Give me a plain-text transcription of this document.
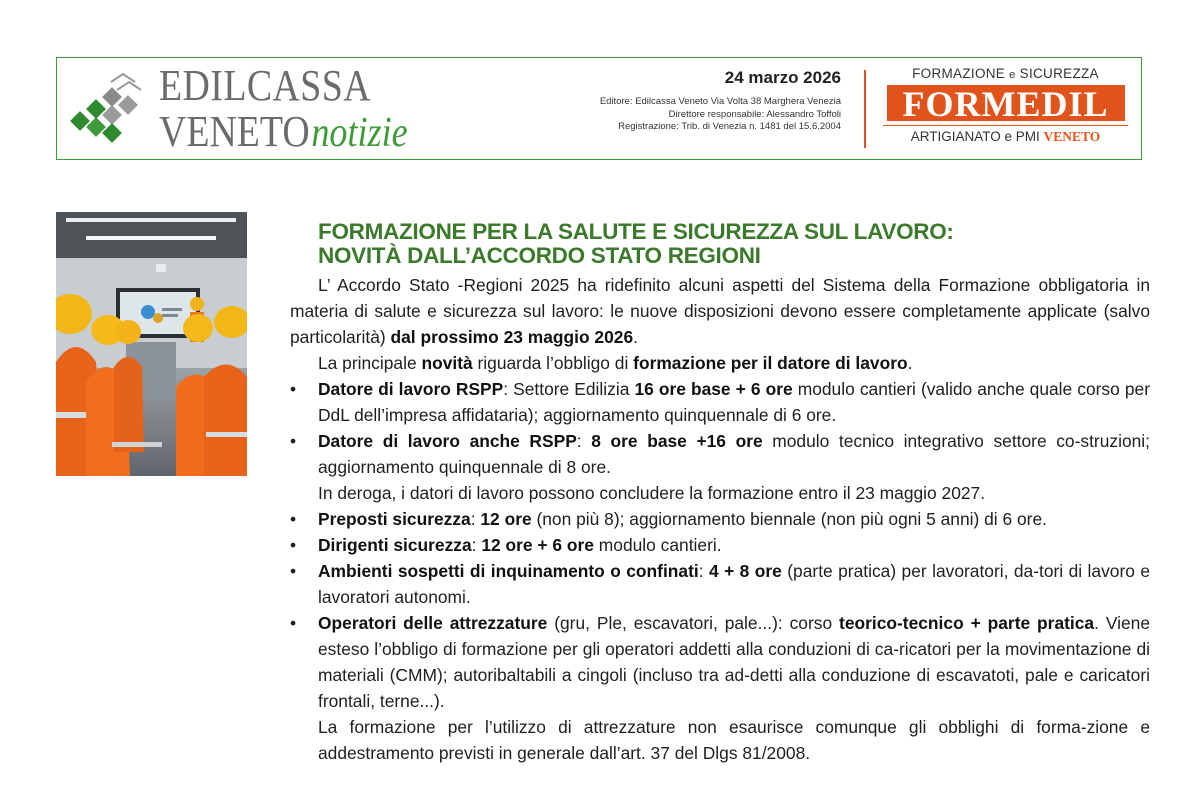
EDILCASSA
VENETOnotizie
24 marzo 2026
Editore: Edilcassa Veneto Via Volta 38 Marghera Venezia
Direttore responsabile: Alessandro Toffoli
Registrazione: Trib. di Venezia n. 1481 del 15.6.2004
FORMAZIONE e SICUREZZA
FORMEDIL
ARTIGIANATO e PMI VENETO
FORMAZIONE PER LA SALUTE E SICUREZZA SUL LAVORO:
NOVITÀ DALL’ACCORDO STATO REGIONI

L’ Accordo Stato -Regioni 2025 ha ridefinito alcuni aspetti del Sistema della Formazione obbligatoria in materia di salute e sicurezza sul lavoro: le nuove disposizioni devono essere completamente applicate (salvo particolarità) dal prossimo 23 maggio 2026.

La principale novità riguarda l’obbligo di formazione per il datore di lavoro.

• Datore di lavoro RSPP: Settore Edilizia 16 ore base + 6 ore modulo cantieri (valido anche quale corso per DdL dell’impresa affidataria); aggiornamento quinquennale di 6 ore.
• Datore di lavoro anche RSPP: 8 ore base +16 ore modulo tecnico integrativo settore co-struzioni; aggiornamento quinquennale di 8 ore.

In deroga, i datori di lavoro possono concludere la formazione entro il 23 maggio 2027.

• Preposti sicurezza: 12 ore (non più 8); aggiornamento biennale (non più ogni 5 anni) di 6 ore.
• Dirigenti sicurezza: 12 ore + 6 ore modulo cantieri.
• Ambienti sospetti di inquinamento o confinati: 4 + 8 ore (parte pratica) per lavoratori, da-tori di lavoro e lavoratori autonomi.
• Operatori delle attrezzature (gru, Ple, escavatori, pale...): corso teorico-tecnico + parte pratica. Viene esteso l’obbligo di formazione per gli operatori addetti alla conduzioni di ca-ricatori per la movimentazione di materiali (CMM); autoribaltabili a cingoli (incluso tra ad-detti alla conduzione di escavatoti, pale e caricatori frontali, terne...).

La formazione per l’utilizzo di attrezzature non esaurisce comunque gli obblighi di forma-zione e addestramento previsti in generale dall’art. 37 del Dlgs 81/2008.
